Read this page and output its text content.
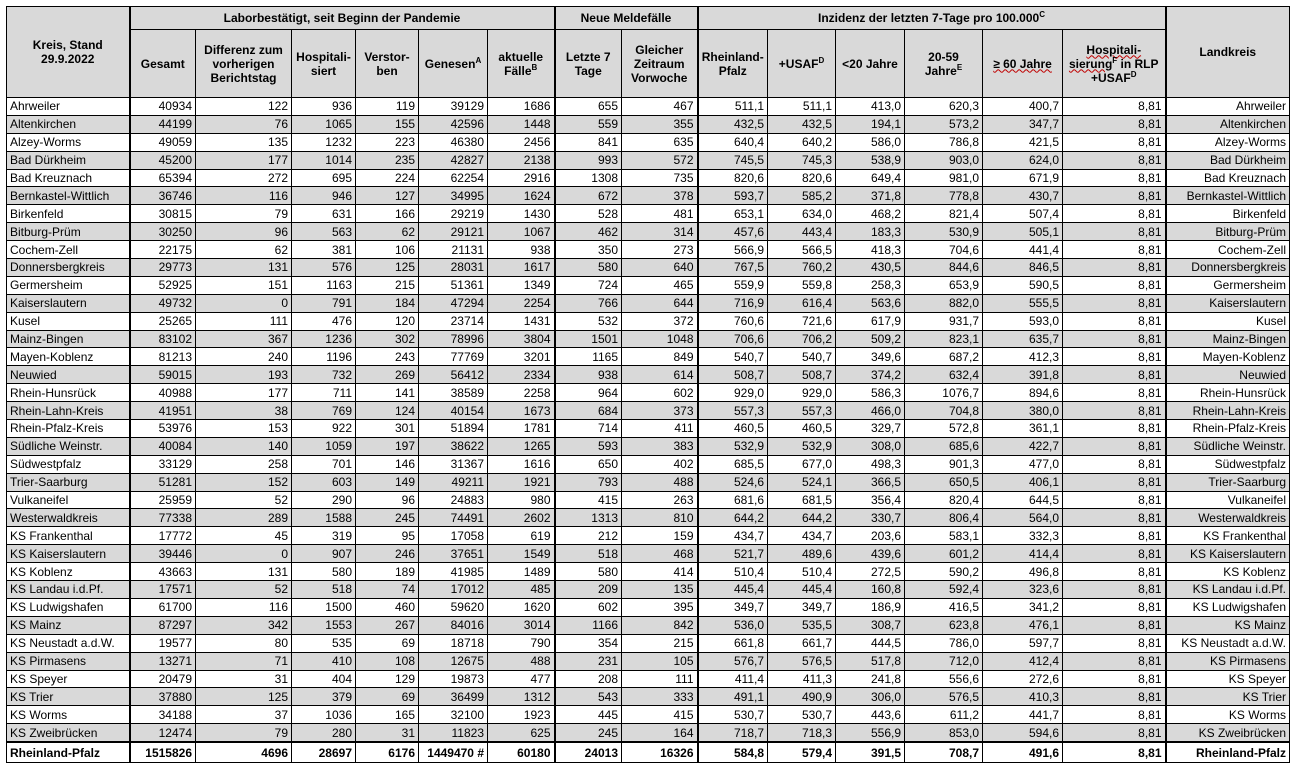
Kreis, Stand 29.9.2022	Laborbestätigt, seit Beginn der Pandemie						Neue Meldefälle		Inzidenz der letzten 7-Tage pro $100.000^C$						Landkreis
	Gesamt	Differenz zum vorherigen Berichtstag	Hospitali-siert	Verstor-ben	Genesen$^A$	aktuelle Fälle$^B$	Letzte 7 Tage	Gleicher Zeitraum Vorwoche	Rheinland-Pfalz	$+USAF^D$	<20 Jahre	20-59 Jahre$^E$	≥ 60 Jahre	Hospitali-sierung$^F$ in RLP $+USAF^D$
Ahrweiler	40934	122	936	119	39129	1686	655	467	511,1	511,1	413,0	620,3	400,7	8,81	Ahrweiler
Altenkirchen	44199	76	1065	155	42596	1448	559	355	432,5	432,5	194,1	573,2	347,7	8,81	Altenkirchen
Alzey-Worms	49059	135	1232	223	46380	2456	841	635	640,4	640,2	586,0	786,8	421,5	8,81	Alzey-Worms
Bad Dürkheim	45200	177	1014	235	42827	2138	993	572	745,5	745,3	538,9	903,0	624,0	8,81	Bad Dürkheim
Bad Kreuznach	65394	272	695	224	62254	2916	1308	735	820,6	820,6	649,4	981,0	671,9	8,81	Bad Kreuznach
Bernkastel-Wittlich	36746	116	946	127	34995	1624	672	378	593,7	585,2	371,8	778,8	430,7	8,81	Bernkastel-Wittlich
Birkenfeld	30815	79	631	166	29219	1430	528	481	653,1	634,0	468,2	821,4	507,4	8,81	Birkenfeld
Bitburg-Prüm	30250	96	563	62	29121	1067	462	314	457,6	443,4	183,3	530,9	505,1	8,81	Bitburg-Prüm
Cochem-Zell	22175	62	381	106	21131	938	350	273	566,9	566,5	418,3	704,6	441,4	8,81	Cochem-Zell
Donnersbergkreis	29773	131	576	125	28031	1617	580	640	767,5	760,2	430,5	844,6	846,5	8,81	Donnersbergkreis
Germersheim	52925	151	1163	215	51361	1349	724	465	559,9	559,8	258,3	653,9	590,5	8,81	Germersheim
Kaiserslautern	49732	0	791	184	47294	2254	766	644	716,9	616,4	563,6	882,0	555,5	8,81	Kaiserslautern
Kusel	25265	111	476	120	23714	1431	532	372	760,6	721,6	617,9	931,7	593,0	8,81	Kusel
Mainz-Bingen	83102	367	1236	302	78996	3804	1501	1048	706,6	706,2	509,2	823,1	635,7	8,81	Mainz-Bingen
Mayen-Koblenz	81213	240	1196	243	77769	3201	1165	849	540,7	540,7	349,6	687,2	412,3	8,81	Mayen-Koblenz
Neuwied	59015	193	732	269	56412	2334	938	614	508,7	508,7	374,2	632,4	391,8	8,81	Neuwied
Rhein-Hunsrück	40988	177	711	141	38589	2258	964	602	929,0	929,0	586,3	1076,7	894,6	8,81	Rhein-Hunsrück
Rhein-Lahn-Kreis	41951	38	769	124	40154	1673	684	373	557,3	557,3	466,0	704,8	380,0	8,81	Rhein-Lahn-Kreis
Rhein-Pfalz-Kreis	53976	153	922	301	51894	1781	714	411	460,5	460,5	329,7	572,8	361,1	8,81	Rhein-Pfalz-Kreis
Südliche Weinstr.	40084	140	1059	197	38622	1265	593	383	532,9	532,9	308,0	685,6	422,7	8,81	Südliche Weinstr.
Südwestpfalz	33129	258	701	146	31367	1616	650	402	685,5	677,0	498,3	901,3	477,0	8,81	Südwestpfalz
Trier-Saarburg	51281	152	603	149	49211	1921	793	488	524,6	524,1	366,5	650,5	406,1	8,81	Trier-Saarburg
Vulkaneifel	25959	52	290	96	24883	980	415	263	681,6	681,5	356,4	820,4	644,5	8,81	Vulkaneifel
Westerwaldkreis	77338	289	1588	245	74491	2602	1313	810	644,2	644,2	330,7	806,4	564,0	8,81	Westerwaldkreis
KS Frankenthal	17772	45	319	95	17058	619	212	159	434,7	434,7	203,6	583,1	332,3	8,81	KS Frankenthal
KS Kaiserslautern	39446	0	907	246	37651	1549	518	468	521,7	489,6	439,6	601,2	414,4	8,81	KS Kaiserslautern
KS Koblenz	43663	131	580	189	41985	1489	580	414	510,4	510,4	272,5	590,2	496,8	8,81	KS Koblenz
KS Landau i.d.Pf.	17571	52	518	74	17012	485	209	135	445,4	445,4	160,8	592,4	323,6	8,81	KS Landau i.d.Pf.
KS Ludwigshafen	61700	116	1500	460	59620	1620	602	395	349,7	349,7	186,9	416,5	341,2	8,81	KS Ludwigshafen
KS Mainz	87297	342	1553	267	84016	3014	1166	842	536,0	535,5	308,7	623,8	476,1	8,81	KS Mainz
KS Neustadt a.d.W.	19577	80	535	69	18718	790	354	215	661,8	661,7	444,5	786,0	597,7	8,81	KS Neustadt a.d.W.
KS Pirmasens	13271	71	410	108	12675	488	231	105	576,7	576,5	517,8	712,0	412,4	8,81	KS Pirmasens
KS Speyer	20479	31	404	129	19873	477	208	111	411,4	411,3	241,8	556,6	272,6	8,81	KS Speyer
KS Trier	37880	125	379	69	36499	1312	543	333	491,1	490,9	306,0	576,5	410,3	8,81	KS Trier
KS Worms	34188	37	1036	165	32100	1923	445	415	530,7	530,7	443,6	611,2	441,7	8,81	KS Worms
KS Zweibrücken	12474	79	280	31	11823	625	245	164	718,7	718,3	556,9	853,0	594,6	8,81	KS Zweibrücken
Rheinland-Pfalz	1515826	4696	28697	6176	1449470 #	60180	24013	16326	584,8	579,4	391,5	708,7	491,6	8,81	Rheinland-Pfalz
